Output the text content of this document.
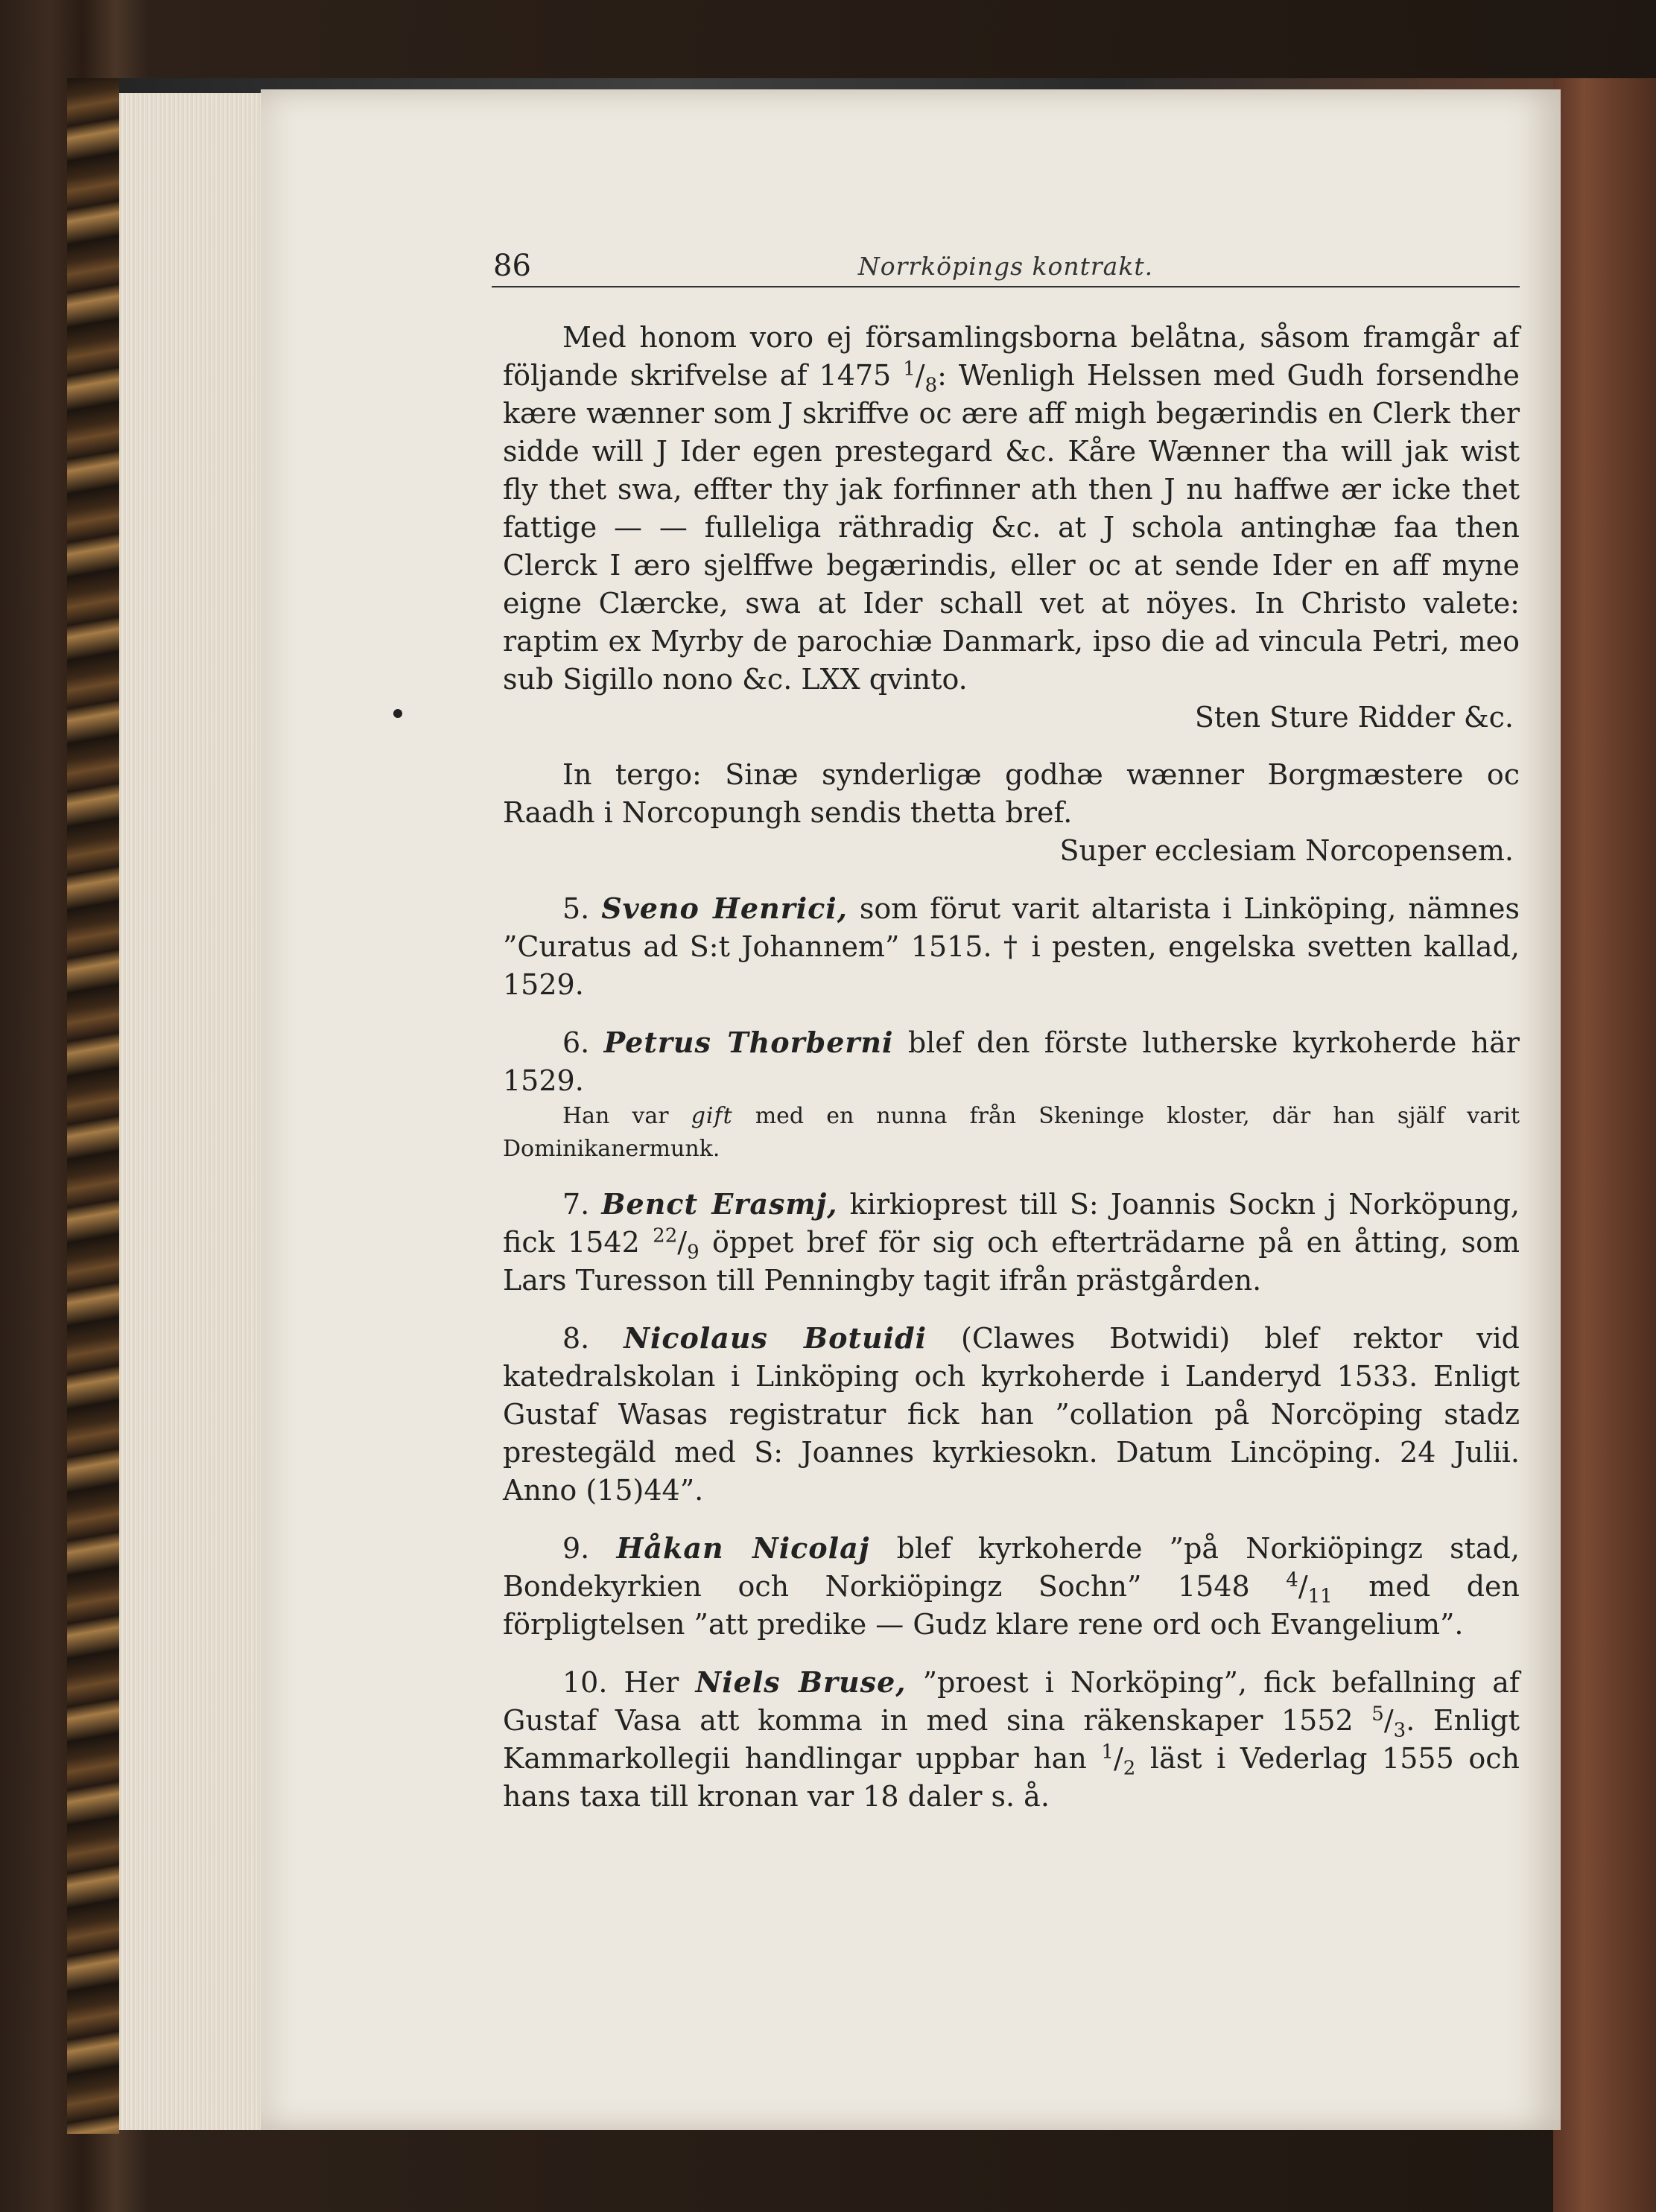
86	Norrköpings kontrakt.

Med honom voro ej församlingsborna belåtna, såsom framgår af följande skrifvelse af 1475 $^1/_8$: Wenligh Helssen med Gudh forsendhe kære wænner som J skriffve oc ære aff migh begærindis en Clerk ther sidde will J Ider egen prestegard &c. Kåre Wænner tha will jak wist fly thet swa, effter thy jak forfinner ath then J nu haffwe ær icke thet fattige — — fulleliga räthradig &c. at J schola antinghæ faa then Clerck I æro sjelffwe begærindis, eller oc at sende Ider en aff myne eigne Clærcke, swa at Ider schall vet at nöyes. In Christo valete: raptim ex Myrby de parochiæ Danmark, ipso die ad vincula Petri, meo sub Sigillo nono &c. LXX qvinto.

Sten Sture Ridder &c.

In tergo: Sinæ synderligæ godhæ wænner Borgmæstere oc Raadh i Norcopungh sendis thetta bref.

Super ecclesiam Norcopensem.

5. Sveno Henrici, som förut varit altarista i Linköping, nämnes ”Curatus ad S:t Johannem” 1515. † i pesten, engelska svetten kallad, 1529.

6. Petrus Thorberni blef den förste lutherske kyrkoherde här 1529.

Han var gift med en nunna från Skeninge kloster, där han själf varit Dominikanermunk.

7. Benct Erasmj, kirkioprest till S: Joannis Sockn j Norköpung, fick 1542 $^{22}/_9$ öppet bref för sig och efterträdarne på en åtting, som Lars Turesson till Penningby tagit ifrån prästgården.

8. Nicolaus Botuidi (Clawes Botwidi) blef rektor vid katedralskolan i Linköping och kyrkoherde i Landeryd 1533. Enligt Gustaf Wasas registratur fick han ”collation på Norcöping stadz prestegäld med S: Joannes kyrkiesokn. Datum Lincöping. 24 Julii. Anno (15)44”.

9. Håkan Nicolaj blef kyrkoherde ”på Norkiöpingz stad, Bondekyrkien och Norkiöpingz Sochn” 1548 $^4/_{11}$ med den förpligtelsen ”att predike — Gudz klare rene ord och Evangelium”.

10. Her Niels Bruse, ”proest i Norköping”, fick befallning af Gustaf Vasa att komma in med sina räkenskaper 1552 $^5/_3$. Enligt Kammarkollegii handlingar uppbar han $^1/_2$ läst i Vederlag 1555 och hans taxa till kronan var 18 daler s. å.
